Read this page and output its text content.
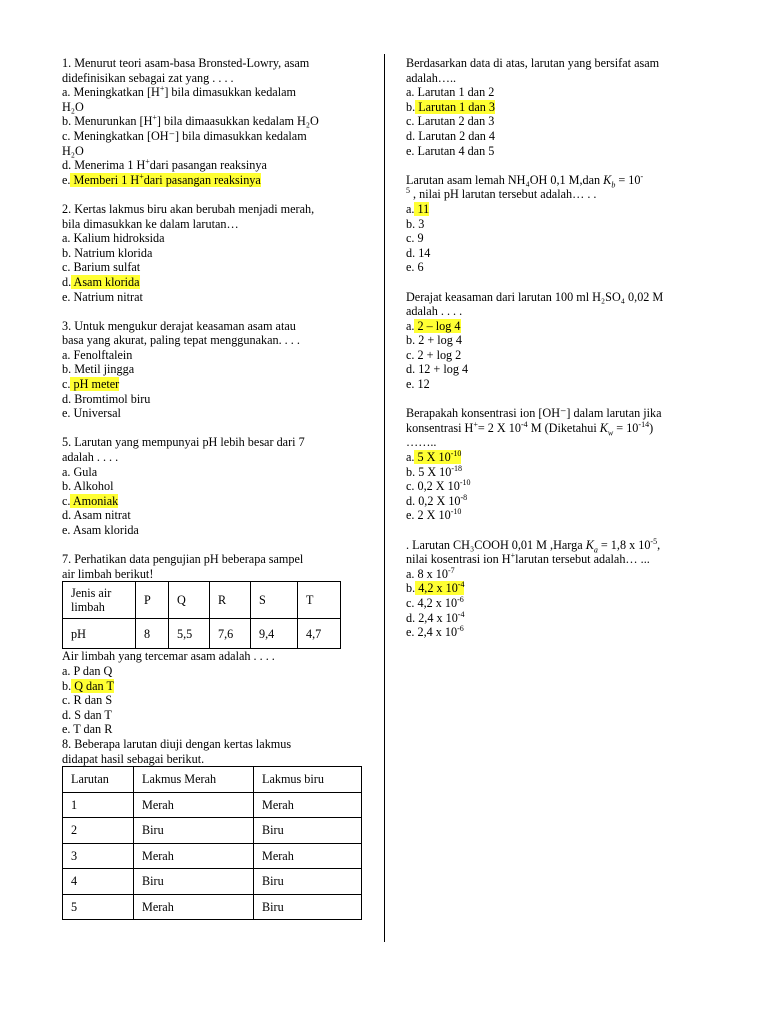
1. Menurut teori asam-basa Bronsted-Lowry, asam
didefinisikan sebagai zat yang . . . .
a. Meningkatkan [H+] bila dimasukkan kedalam
H₂O
b. Menurunkan [H+] bila dimaasukkan kedalam H₂O
c. Meningkatkan [OH⁻] bila dimasukkan kedalam
H₂O
d. Menerima 1 H+dari pasangan reaksinya
e. Memberi 1 H+dari pasangan reaksinya
2. Kertas lakmus biru akan berubah menjadi merah,
bila dimasukkan ke dalam larutan…
a. Kalium hidroksida
b. Natrium klorida
c. Barium sulfat
d. Asam klorida
e. Natrium nitrat
3. Untuk mengukur derajat keasaman asam atau
basa yang akurat, paling tepat menggunakan. . . .
a. Fenolftalein
b. Metil jingga
c. pH meter
d. Bromtimol biru
e. Universal
5. Larutan yang mempunyai pH lebih besar dari 7
adalah . . . .
a. Gula
b. Alkohol
c. Amoniak
d. Asam nitrat
e. Asam klorida
7. Perhatikan data pengujian pH beberapa sampel
air limbah berikut!
Jenis air limbah	P	Q	R	S	T
pH	8	5,5	7,6	9,4	4,7
Air limbah yang tercemar asam adalah . . . .
a. P dan Q
b. Q dan T
c. R dan S
d. S dan T
e. T dan R
8. Beberapa larutan diuji dengan kertas lakmus
didapat hasil sebagai berikut.
Larutan	Lakmus Merah	Lakmus biru
1	Merah	Merah
2	Biru	Biru
3	Merah	Merah
4	Biru	Biru
5	Merah	Biru
Berdasarkan data di atas, larutan yang bersifat asam
adalah…..
a. Larutan 1 dan 2
b. Larutan 1 dan 3
c. Larutan 2 dan 3
d. Larutan 2 dan 4
e. Larutan 4 dan 5
Larutan asam lemah NH₄OH 0,1 M,dan $K_b = 10^-$
$^5$ , nilai pH larutan tersebut adalah… . .
a. 11
b. 3
c. 9
d. 14
e. 6
Derajat keasaman dari larutan 100 ml H₂SO₄ 0,02 M
adalah . . . .
a. 2 – log 4
b. 2 + log 4
c. 2 + log 2
d. 12 + log 4
e. 12
Berapakah konsentrasi ion [OH⁻] dalam larutan jika
konsentrasi H+= 2 X $10^{-4}$ M (Diketahui $K_w = 10^{-14}$)
……..
a. 5 X $10^{-10}$
b. 5 X $10^{-18}$
c. 0,2 X $10^{-10}$
d. 0,2 X $10^{-8}$
e. 2 X $10^{-10}$
. Larutan CH₃COOH 0,01 M ,Harga $K_a = 1,8$ x $10^{-5}$,
nilai kosentrasi ion H+larutan tersebut adalah… ...
a. 8 x $10^{-7}$
b. 4,2 x $10^{-4}$
c. 4,2 x $10^{-6}$
d. 2,4 x $10^{-4}$
e. 2,4 x $10^{-6}$
